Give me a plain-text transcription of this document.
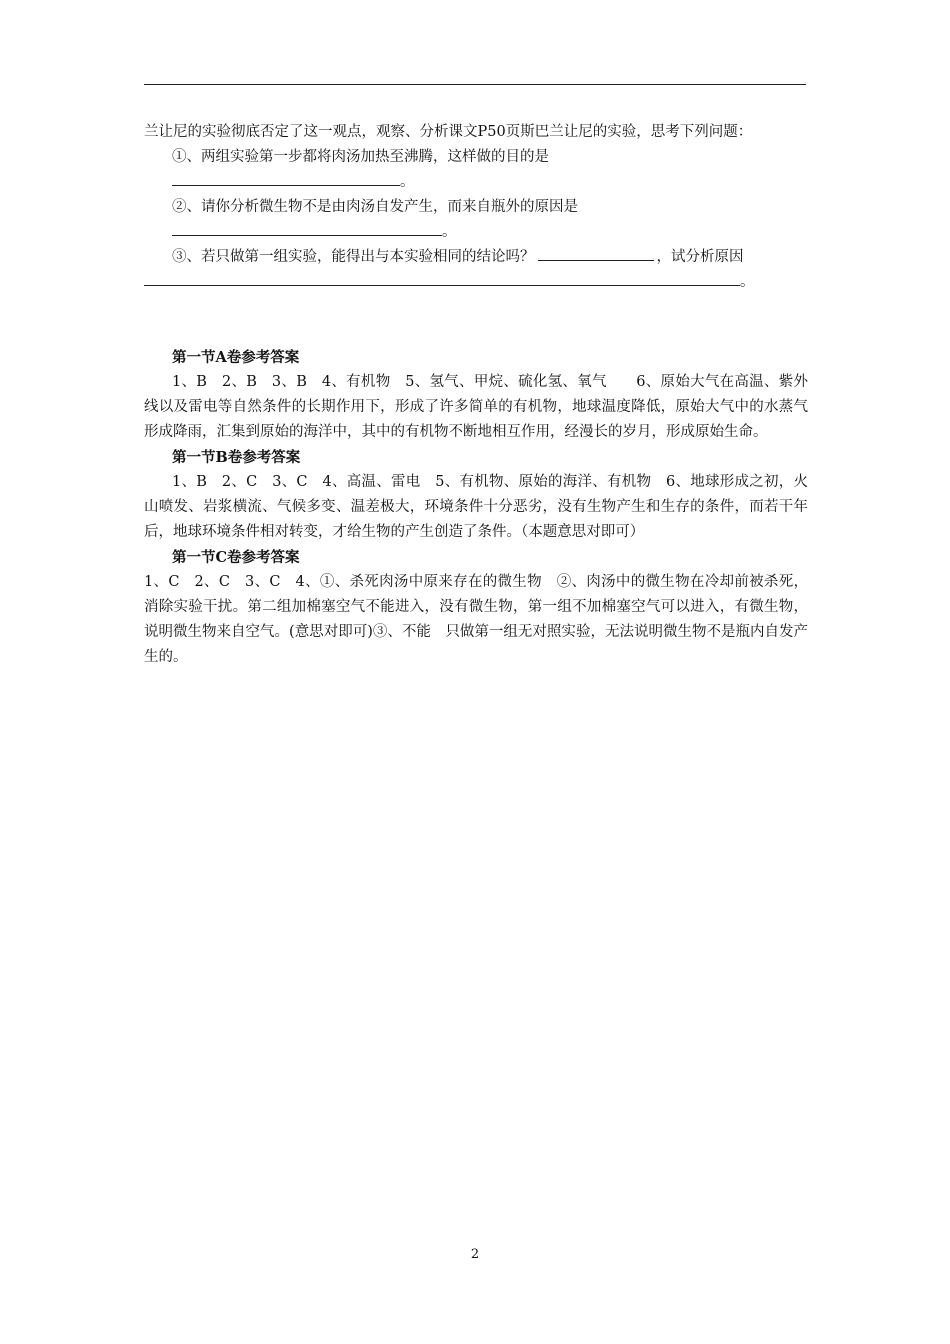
兰让尼的实验彻底否定了这一观点，观察、分析课文P50页斯巴兰让尼的实验，思考下列问题：

①、两组实验第一步都将肉汤加热至沸腾，这样做的目的是

。

②、请你分析微生物不是由肉汤自发产生，而来自瓶外的原因是

。

③、若只做第一组实验，能得出与本实验相同的结论吗？	，试分析原因

。

第一节A卷参考答案

1、B　2、B　3、B　4、有机物　5、氢气、甲烷、硫化氢、氧气　　6、原始大气在高温、紫外线以及雷电等自然条件的长期作用下，形成了许多简单的有机物，地球温度降低，原始大气中的水蒸气形成降雨，汇集到原始的海洋中，其中的有机物不断地相互作用，经漫长的岁月，形成原始生命。

第一节B卷参考答案

1、B　2、C　3、C　4、高温、雷电　5、有机物、原始的海洋、有机物　6、地球形成之初，火山喷发、岩浆横流、气候多变、温差极大，环境条件十分恶劣，没有生物产生和生存的条件，而若干年后，地球环境条件相对转变，才给生物的产生创造了条件。（本题意思对即可）

第一节C卷参考答案

1、C　2、C　3、C　4、①、杀死肉汤中原来存在的微生物　②、肉汤中的微生物在冷却前被杀死，消除实验干扰。第二组加棉塞空气不能进入，没有微生物，第一组不加棉塞空气可以进入，有微生物，说明微生物来自空气。(意思对即可)③、不能　只做第一组无对照实验，无法说明微生物不是瓶内自发产生的。

2
